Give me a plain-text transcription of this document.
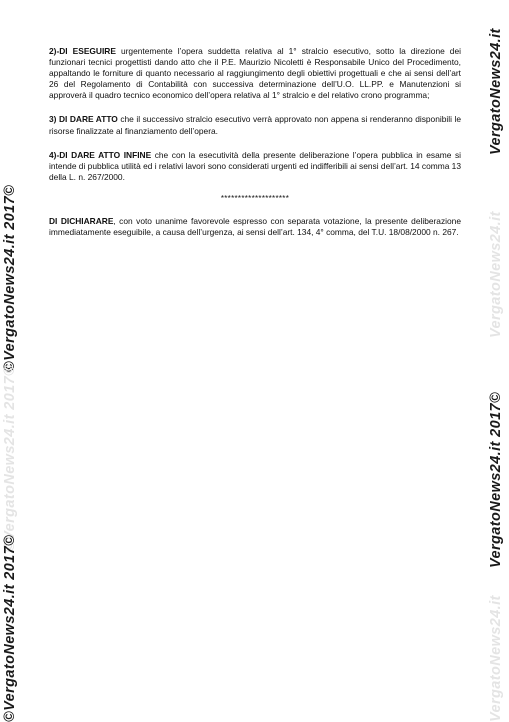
2)-DI ESEGUIRE urgentemente l’opera suddetta relativa al 1° stralcio esecutivo, sotto la direzione dei funzionari tecnici progettisti dando atto che il P.E. Maurizio Nicoletti è Responsabile Unico del Procedimento, appaltando le forniture di quanto necessario al raggiungimento degli obiettivi progettuali e che ai sensi dell’art 26 del Regolamento di Contabilità con successiva determinazione dell’U.O. LL.PP. e Manutenzioni si approverà il quadro tecnico economico dell’opera relativa al 1° stralcio e del relativo crono programma;

3) DI DARE ATTO che il successivo stralcio esecutivo verrà approvato non appena si renderanno disponibili le risorse finalizzate al finanziamento dell’opera.

4)-DI DARE ATTO INFINE che con la esecutività della presente deliberazione l’opera pubblica in esame si intende di pubblica utilità ed i relativi lavori sono considerati urgenti ed indifferibili ai sensi dell’art. 14 comma 13 della L. n. 267/2000.

********************

DI DICHIARARE, con voto unanime favorevole espresso con separata votazione, la presente deliberazione immediatamente eseguibile, a causa dell’urgenza, ai sensi dell’art. 134, 4° comma, del T.U. 18/08/2000 n. 267.

©VergatoNews24.it 2017©
©VergatoNews24.it 2017©
©VergatoNews24.it 2017©
VergatoNews24.it
VergatoNews24.it
VergatoNews24.it 2017©
VergatoNews24.it
